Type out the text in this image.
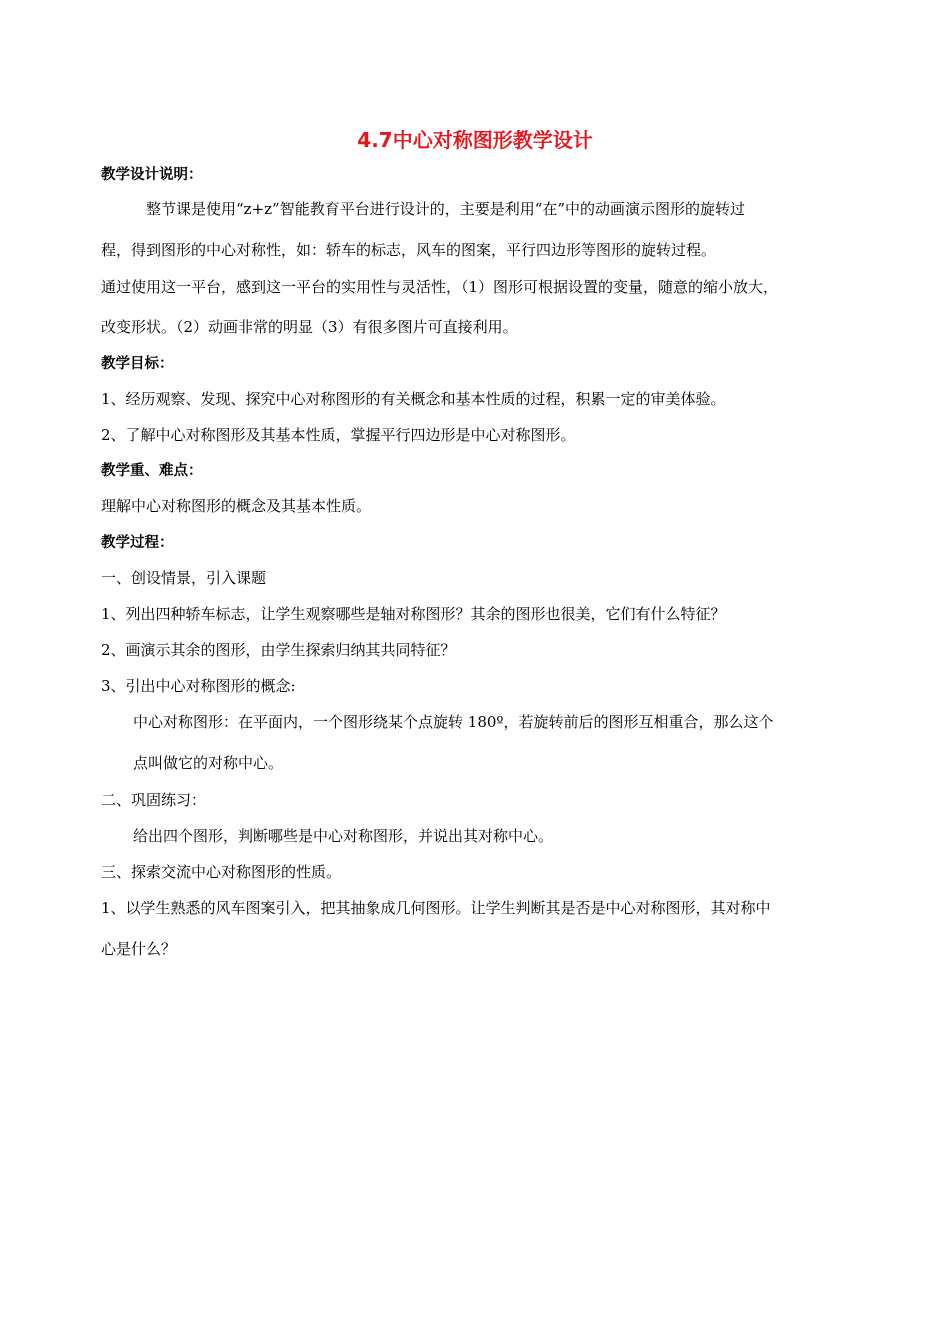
4.7中心对称图形教学设计
教学设计说明：
整节课是使用“z+z”智能教育平台进行设计的，主要是利用“在”中的动画演示图形的旋转过
程，得到图形的中心对称性，如：轿车的标志，风车的图案，平行四边形等图形的旋转过程。
通过使用这一平台，感到这一平台的实用性与灵活性，（1）图形可根据设置的变量，随意的缩小放大，
改变形状。（2）动画非常的明显（3）有很多图片可直接利用。
教学目标：
1、经历观察、发现、探究中心对称图形的有关概念和基本性质的过程，积累一定的审美体验。
2、了解中心对称图形及其基本性质，掌握平行四边形是中心对称图形。
教学重、难点：
理解中心对称图形的概念及其基本性质。
教学过程：
一、创设情景，引入课题
1、列出四种轿车标志，让学生观察哪些是轴对称图形？其余的图形也很美，它们有什么特征？
2、画演示其余的图形，由学生探索归纳其共同特征？
3、引出中心对称图形的概念:
中心对称图形：在平面内，一个图形绕某个点旋转 180º，若旋转前后的图形互相重合，那么这个
点叫做它的对称中心。
二、巩固练习：
给出四个图形，判断哪些是中心对称图形，并说出其对称中心。
三、探索交流中心对称图形的性质。
1、以学生熟悉的风车图案引入，把其抽象成几何图形。让学生判断其是否是中心对称图形，其对称中
心是什么？
